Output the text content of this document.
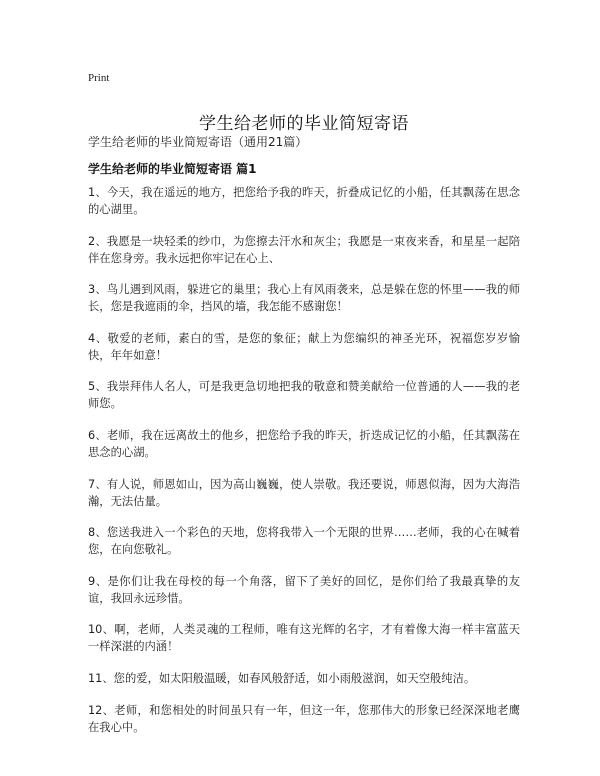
Print
学生给老师的毕业简短寄语
学生给老师的毕业简短寄语（通用21篇）
学生给老师的毕业简短寄语 篇1

1、今天，我在遥远的地方，把您给予我的昨天，折叠成记忆的小船，任其飘荡在思念的心湖里。

2、我愿是一块轻柔的纱巾，为您擦去汗水和灰尘；我愿是一束夜来香，和星星一起陪伴在您身旁。我永远把你牢记在心上、

3、鸟儿遇到风雨，躲进它的巢里；我心上有风雨袭来，总是躲在您的怀里——我的师长，您是我遮雨的伞，挡风的墙，我怎能不感谢您！

4、敬爱的老师，素白的雪，是您的象征；献上为您编织的神圣光环，祝福您岁岁愉快，年年如意！

5、我崇拜伟人名人，可是我更急切地把我的敬意和赞美献给一位普通的人——我的老师您。

6、老师，我在远离故土的他乡，把您给予我的昨天，折迭成记忆的小船，任其飘荡在思念的心湖。

7、有人说，师恩如山，因为高山巍巍，使人崇敬。我还要说，师恩似海，因为大海浩瀚，无法估量。

8、您送我进入一个彩色的天地，您将我带入一个无限的世界……老师，我的心在喊着您，在向您敬礼。

9、是你们让我在母校的每一个角落，留下了美好的回忆，是你们给了我最真挚的友谊，我回永远珍惜。

10、啊，老师，人类灵魂的工程师，唯有这光辉的名字，才有着像大海一样丰富蓝天一样深湛的内涵！

11、您的爱，如太阳般温暖，如春风般舒适，如小雨般滋润，如天空般纯洁。

12、老师，和您相处的时间虽只有一年，但这一年，您那伟大的形象已经深深地老鹰在我心中。
